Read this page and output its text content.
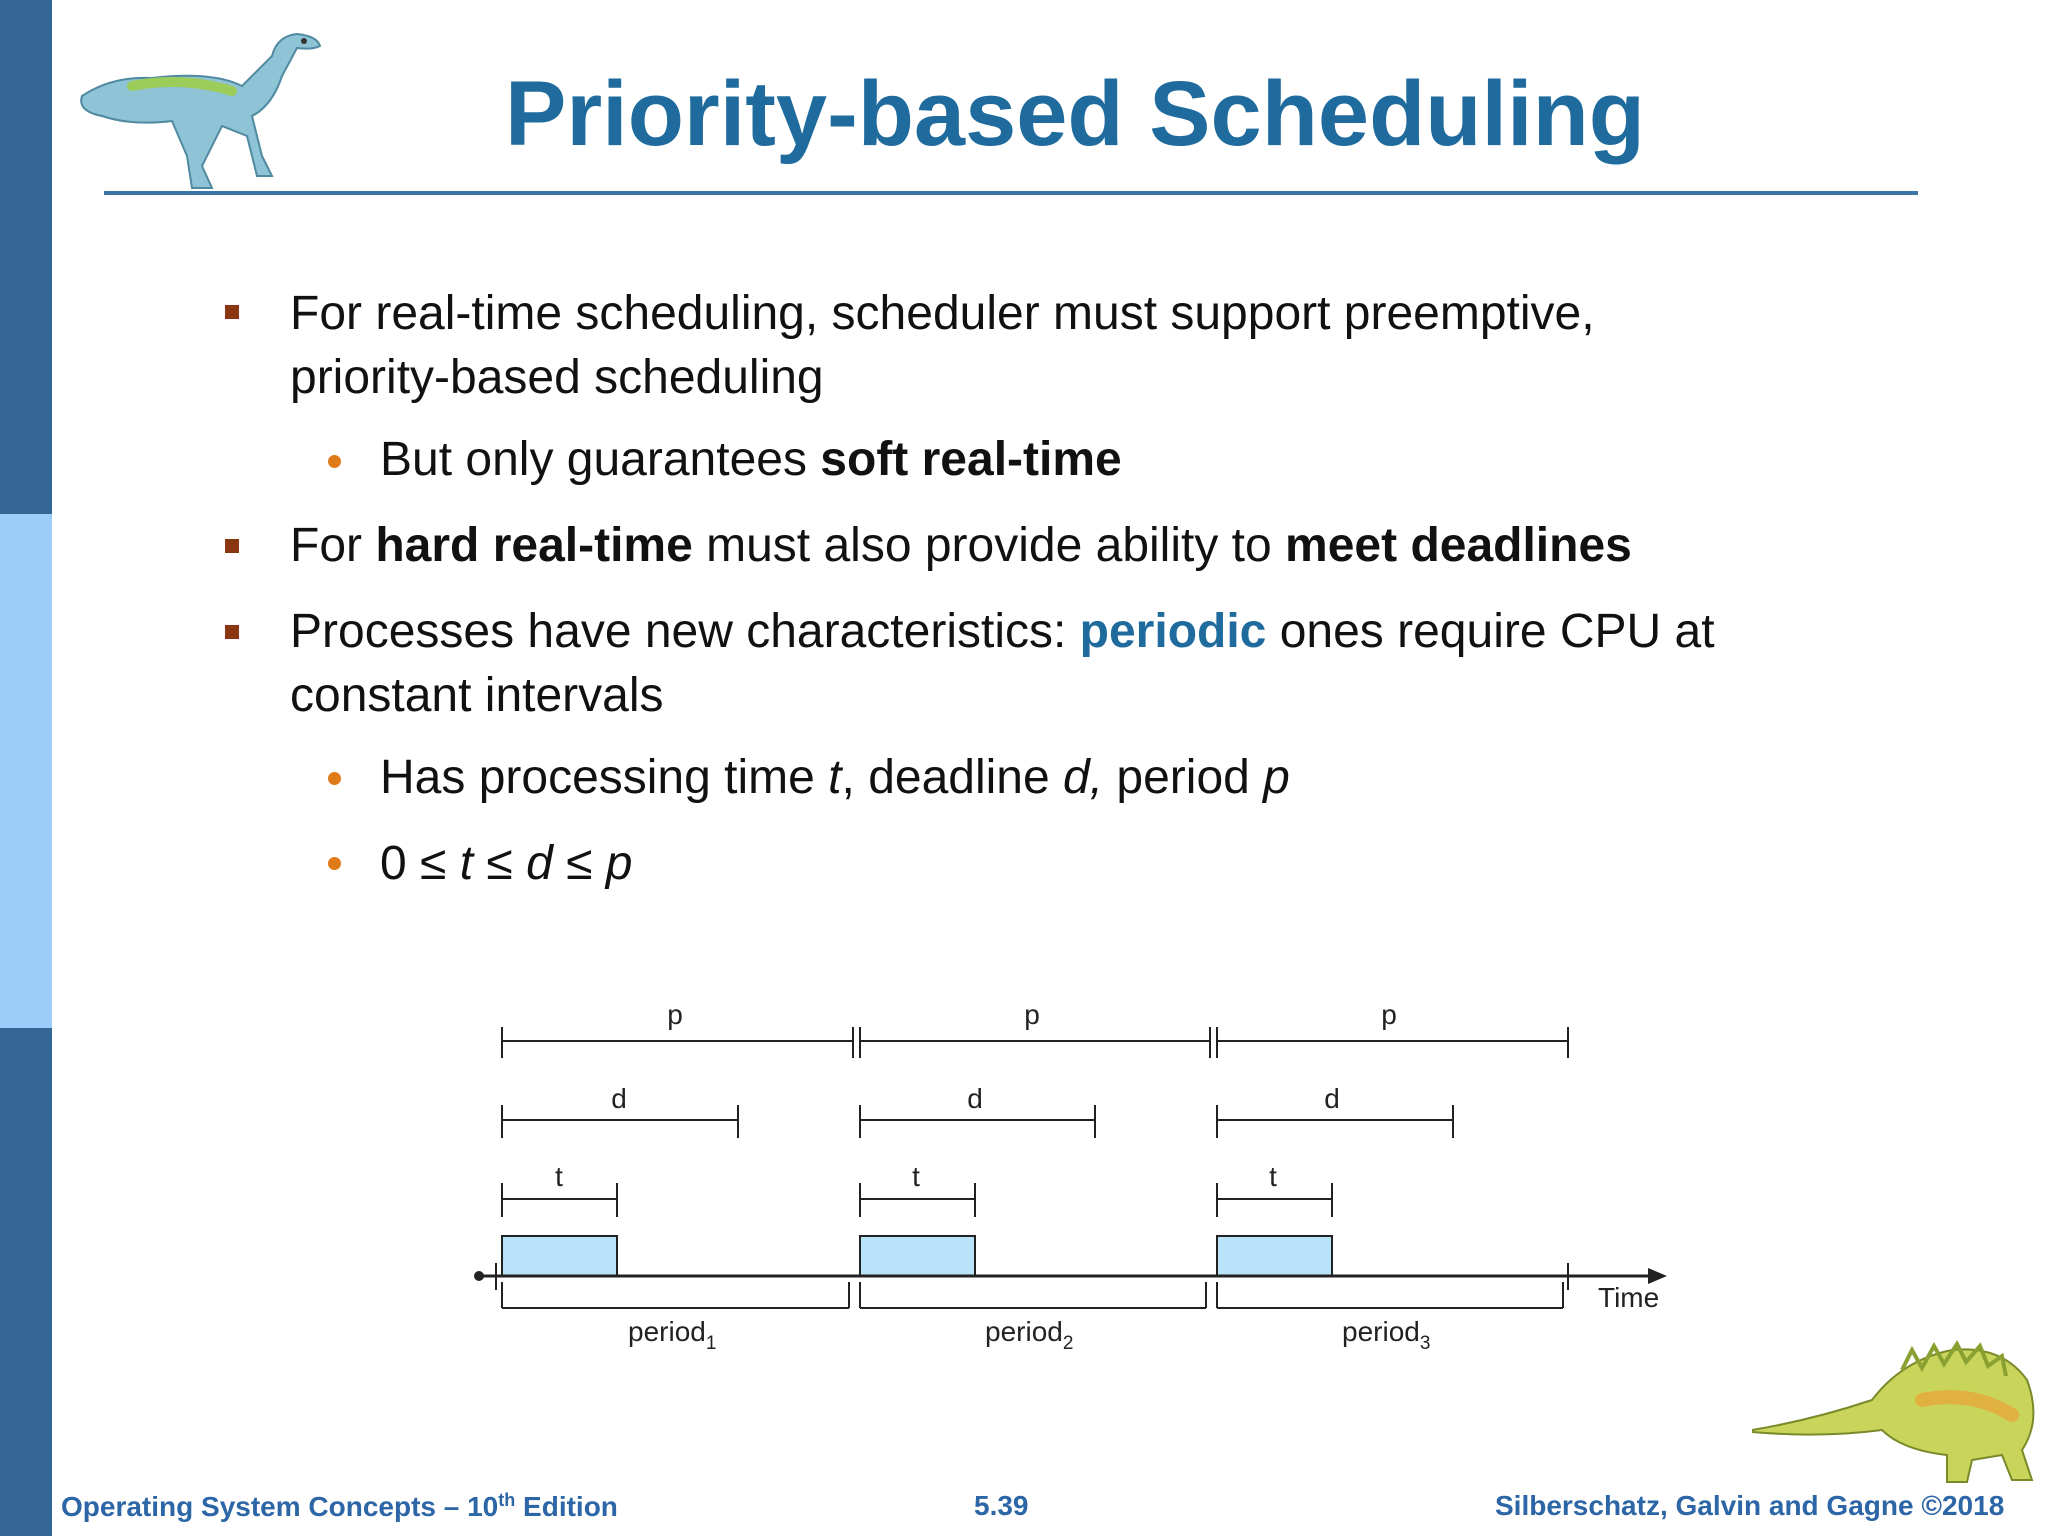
Priority-based Scheduling
For real-time scheduling, scheduler must support preemptive,
priority-based scheduling
But only guarantees soft real-time
For hard real-time must also provide ability to meet deadlines
Processes have new characteristics: periodic ones require CPU at
constant intervals
Has processing time t, deadline d, period p
0 ≤ t ≤ d ≤ p
p	p	p
d	d	d
t	t	t
Time
period$_1$	period$_2$	period$_3$
Operating System Concepts – 10th Edition	5.39	Silberschatz, Galvin and Gagne ©2018
